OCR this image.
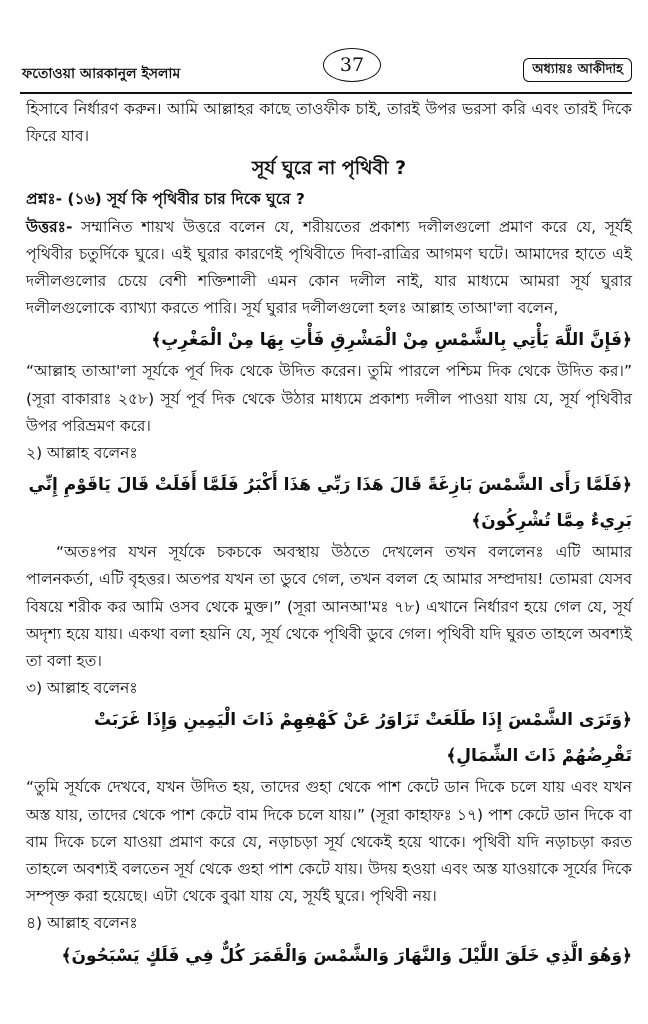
ফতোওয়া আরকানুল ইসলাম	37	অধ্যায়ঃ আকীদাহ

হিসাবে নির্ধারণ করুন। আমি আল্লাহর কাছে তাওফীক চাই, তারই উপর ভরসা করি এবং তারই দিকে ফিরে যাব।

সূর্য ঘুরে না পৃথিবী ?

প্রশ্নঃ- (১৬) সূর্য কি পৃথিবীর চার দিকে ঘুরে ?

উত্তরঃ- সম্মানিত শায়খ উত্তরে বলেন যে, শরীয়তের প্রকাশ্য দলীলগুলো প্রমাণ করে যে, সূর্যই পৃথিবীর চতুর্দিকে ঘুরে। এই ঘুরার কারণেই পৃথিবীতে দিবা-রাত্রির আগমণ ঘটে। আমাদের হাতে এই দলীলগুলোর চেয়ে বেশী শক্তিশালী এমন কোন দলীল নাই, যার মাধ্যমে আমরা সূর্য ঘুরার দলীলগুলোকে ব্যাখ্যা করতে পারি। সূর্য ঘুরার দলীলগুলো হলঃ আল্লাহ তাআ'লা বলেন,

﴿فَإِنَّ اللَّهَ يَأْتِي بِالشَّمْسِ مِنْ الْمَشْرِقِ فَأْتِ بِهَا مِنْ الْمَغْرِبِ﴾

“আল্লাহ তাআ'লা সূর্যকে পূর্ব দিক থেকে উদিত করেন। তুমি পারলে পশ্চিম দিক থেকে উদিত কর।” (সূরা বাকারাঃ ২৫৮) সূর্য পূর্ব দিক থেকে উঠার মাধ্যমে প্রকাশ্য দলীল পাওয়া যায় যে, সূর্য পৃথিবীর উপর পরিভ্রমণ করে।

২) আল্লাহ বলেনঃ

﴿فَلَمَّا رَأَى الشَّمْسَ بَازِغَةً قَالَ هَذَا رَبِّي هَذَا أَكْبَرُ فَلَمَّا أَفَلَتْ قَالَ يَاقَوْمِ إِنِّي بَرِيءٌ مِمَّا تُشْرِكُونَ﴾

“অতঃপর যখন সূর্যকে চকচকে অবস্থায় উঠতে দেখলেন তখন বললেনঃ এটি আমার পালনকর্তা, এটি বৃহত্তর। অতপর যখন তা ডুবে গেল, তখন বলল হে আমার সম্প্রদায়! তোমরা যেসব বিষয়ে শরীক কর আমি ওসব থেকে মুক্ত।” (সূরা আনআ'মঃ ৭৮) এখানে নির্ধারণ হয়ে গেল যে, সূর্য অদৃশ্য হয়ে যায়। একথা বলা হয়নি যে, সূর্য থেকে পৃথিবী ডুবে গেল। পৃথিবী যদি ঘুরত তাহলে অবশ্যই তা বলা হত।

৩) আল্লাহ বলেনঃ

﴿وَتَرَى الشَّمْسَ إِذَا طَلَعَتْ تَزَاوَرُ عَنْ كَهْفِهِمْ ذَاتَ الْيَمِينِ وَإِذَا غَرَبَتْ تَقْرِضُهُمْ ذَاتَ الشِّمَالِ﴾

“তুমি সূর্যকে দেখবে, যখন উদিত হয়, তাদের গুহা থেকে পাশ কেটে ডান দিকে চলে যায় এবং যখন অস্ত যায়, তাদের থেকে পাশ কেটে বাম দিকে চলে যায়।” (সূরা কাহাফঃ ১৭) পাশ কেটে ডান দিকে বা বাম দিকে চলে যাওয়া প্রমাণ করে যে, নড়াচড়া সূর্য থেকেই হয়ে থাকে। পৃথিবী যদি নড়াচড়া করত তাহলে অবশ্যই বলতেন সূর্য থেকে গুহা পাশ কেটে যায়। উদয় হওয়া এবং অস্ত যাওয়াকে সূর্যের দিকে সম্পৃক্ত করা হয়েছে। এটা থেকে বুঝা যায় যে, সূর্যই ঘুরে। পৃথিবী নয়।

৪) আল্লাহ বলেনঃ

﴿وَهُوَ الَّذِي خَلَقَ اللَّيْلَ وَالنَّهَارَ وَالشَّمْسَ وَالْقَمَرَ كُلٌّ فِي فَلَكٍ يَسْبَحُونَ﴾
